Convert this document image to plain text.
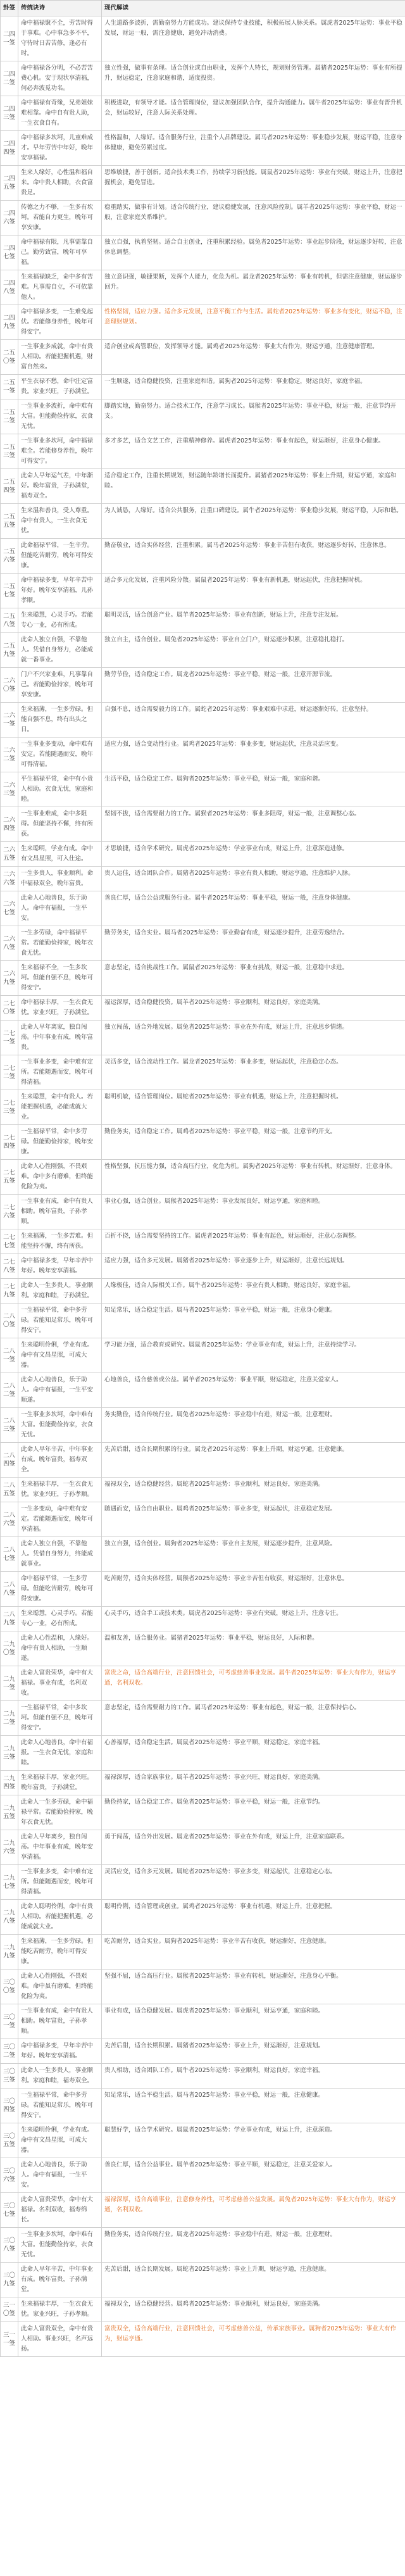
卦签	传统诀诗	现代解读
二四一签	命中福禄聚不全，劳苦时得于事难。心中事急多不平，守待时日苦苦修，逢必有时。	人生道路多波折，需勤奋努力方能成功。建议保持专业技能，积极拓展人脉关系。属虎者2025年运势：事业平稳发展，财运一般，需注意健康，避免冲动消费。
二四二签	命中福禄各分明，不必苦苦费心机。安于现状享清福，何必奔波觅功名。	独立性强，做事有条理。适合创业或自由职业，发挥个人特长，规划财务管理。属猪者2025年运势：事业有所提升，财运稳定，注意家庭和谐，适度投资。
二四三签	命中福禄有奇缘，兄弟姐妹难相靠。命中自有贵人助，一生衣食自有。	积极进取，有领导才能。适合管理岗位，建议加强团队合作，提升沟通能力。属牛者2025年运势：事业有晋升机会，财运较好，注意人际关系处理。
二四四签	命中福禄多坎坷，儿童难成才。早年劳苦中年好，晚年安享福禄。	性格温和，人缘好。适合服务行业，注重个人品牌建设。属马者2025年运势：事业稳步发展，财运平稳，注意身体健康，避免劳累过度。
二四五签	生来人缘好，心性温和福自来。命中贵人相助，衣食富贵足。	思维敏捷，善于创新。适合技术类工作，持续学习新技能。属鼠者2025年运势：事业有突破，财运上升，注意把握机会，避免冒进。
二四六签	传德之力不够，一生多有坎坷。若能自力更生，晚年可享安康。	稳重踏实，做事有计划。适合传统行业，建议稳健发展，注意风险控制。属羊者2025年运势：事业平稳，财运一般，注意家庭关系维护。
二四七签	命中福禄有限，凡事需靠自己。勤劳致富，晚年可享福。	独立自强，执着坚韧。适合自主创业，注重积累经验。属兔者2025年运势：事业起步阶段，财运逐步好转，注意休息调整。
二四八签	生来福禄缺乏，命中多有苦难。凡事需自立，不可依靠他人。	独立意识强，敏捷果断，发挥个人能力，化危为机。属龙者2025年运势：事业有转机，但需注意健康，财运逐步回升。
二四九签	命中福禄多变，一生难免起伏。若能修身养性，晚年可得安宁。	性格坚韧，适应力强。适合多元发展，注意平衡工作与生活。属蛇者2025年运势：事业多有变化，财运不稳，注意理财规划。
二五〇签	一生事业多成就，命中有贵人相助。若能把握机遇，财富自然来。	适合创业或高管职位，发挥领导才能。属鸡者2025年运势：事业大有作为，财运亨通，注意健康管理。
二五一签	平生衣禄不愁，命中注定富贵。家业兴旺，子孙满堂。	一生顺遂，适合稳健投资，注重家庭和谐。属狗者2025年运势：事业稳定，财运良好，家庭幸福。
二五二签	一生事业多波折，命中难有大富。但能勤俭持家，衣食无忧。	脚踏实地，勤奋努力。适合技术工作，注意学习成长。属猴者2025年运势：事业平稳，财运一般，注意节约开支。
二五三签	一生事业多坎坷，命中福禄难全。若能修身养性，晚年可得安宁。	多才多艺，适合文艺工作，注重精神修养。属虎者2025年运势：事业有起色，财运渐好，注意身心健康。
二五四签	此命人早年运气差，中年渐好。晚年富贵，子孙满堂，福寿双全。	适合稳定工作，注重长期规划，财运随年龄增长而提升。属猪者2025年运势：事业上升期，财运亨通，家庭和睦。
二五五签	生来温和善良，受人尊重。命中有贵人，一生衣食无忧。	为人诚恳，人缘好。适合公共服务，注重口碑建设。属牛者2025年运势：事业稳步发展，财运平稳，人际和谐。
二五六签	此命福禄平常，一生辛劳。但能吃苦耐劳，晚年可得安康。	勤奋敬业，适合实体经营，注重积累。属马者2025年运势：事业辛苦但有收获，财运逐步好转，注意休息。
二五七签	命中福禄多变，早年辛苦中年好。晚年安享清福，儿孙孝顺。	适合多元化发展，注重风险分散。属鼠者2025年运势：事业有新机遇，财运起伏，注意把握时机。
二五八签	生来聪慧，心灵手巧。若能专心一业，必有所成。	聪明灵活，适合创意产业。属羊者2025年运势：事业有创新，财运上升，注意专注发展。
二五九签	此命人独立自强，不靠他人。凭借自身努力，必能成就一番事业。	独立自主，适合创业。属兔者2025年运势：事业自立门户，财运逐步积累，注意稳扎稳打。
二六〇签	门户不兴家业难，凡事靠自己。若能勤俭持家，晚年可享安康。	勤劳节俭，适合稳定工作。属龙者2025年运势：事业平稳，财运一般，注意开源节流。
二六一签	生来福薄，一生多劳碌。但能自强不息，终有出头之日。	自强不息，适合需要毅力的工作。属蛇者2025年运势：事业艰难中求进，财运逐渐好转，注意坚持。
二六二签	一生事业多变动，命中难有安定。若能随遇而安，晚年可得清福。	适应力强，适合变动性行业。属鸡者2025年运势：事业多变，财运起伏，注意灵活应变。
二六三签	平生福禄平常，命中有小贵人相助。衣食无忧，家庭和睦。	生活平稳，适合稳定工作。属狗者2025年运势：事业平稳，财运一般，家庭和谐。
二六四签	一生事业难成，命中多阻碍。但能坚持不懈，终有所获。	坚韧不拔，适合需要耐力的工作。属猴者2025年运势：事业多阻碍，财运一般，注意调整心态。
二六五签	生来聪明，学业有成。命中有文昌星照，可入仕途。	才思敏捷，适合学术研究。属虎者2025年运势：学业事业有成，财运上升，注意深造进修。
二六六签	一生多贵人，事业顺利。命中福禄双全，晚年富贵。	贵人运佳，适合团队合作。属猪者2025年运势：事业有贵人相助，财运亨通，注意维护人脉。
二六七签	此命人心地善良，乐于助人。命中有福报，一生平安。	善良仁厚，适合公益或服务行业。属牛者2025年运势：事业平稳，财运一般，注意身体健康。
二六八签	一生多劳碌，命中福禄平常。若能勤俭持家，晚年衣食无忧。	勤劳务实，适合实业。属马者2025年运势：事业勤奋有成，财运逐步提升，注意劳逸结合。
二六九签	生来福禄不全，一生多坎坷。但能自强不息，晚年可得安宁。	意志坚定，适合挑战性工作。属鼠者2025年运势：事业有挑战，财运一般，注意稳中求进。
二七〇签	命中福禄丰厚，一生衣食无忧。家业兴旺，子孙满堂。	福运深厚，适合稳健投资。属羊者2025年运势：事业顺利，财运良好，家庭美满。
二七一签	此命人早年离家，独自闯荡。中年事业有成，晚年富贵。	独立闯荡，适合外地发展。属兔者2025年运势：事业在外有成，财运上升，注意思乡情绪。
二七二签	一生事业多变，命中难有定所。若能随遇而安，晚年可得清福。	灵活多变，适合流动性工作。属龙者2025年运势：事业多变，财运起伏，注意稳定心态。
二七三签	生来聪慧，命中有贵人。若能把握机遇，必能成就大业。	聪明机敏，适合管理岗位。属蛇者2025年运势：事业有机遇，财运上升，注意把握时机。
二七四签	一生福禄平常，命中多劳碌。但能勤俭持家，晚年安康。	勤俭务实，适合稳定工作。属鸡者2025年运势：事业平稳，财运一般，注意节约开支。
二七五签	此命人心性刚强，不畏艰难。命中多有磨难，但终能化险为夷。	性格坚强，抗压能力强，适合高压行业，化危为机。属狗者2025年运势：事业有转机，财运渐好，注意身体。
二七六签	一生事业有成，命中有贵人相助。晚年富贵，子孙孝顺。	事业心强，适合创业。属猴者2025年运势：事业发展良好，财运亨通，家庭和睦。
二七七签	生来福薄，一生多苦难。但能坚持不懈，终有所获。	百折不挠，适合需要坚持的工作。属虎者2025年运势：事业有起色，财运渐好，注意心态调整。
二七八签	命中福禄多变，早年辛苦中年好。晚年安享清福。	适应力强，适合多元发展。属猪者2025年运势：事业逐步上升，财运渐好，注意长远规划。
二七九签	此命人一生多贵人，事业顺利。家庭和睦，子孙满堂。	人缘极佳，适合人际相关工作。属牛者2025年运势：事业有贵人相助，财运良好，家庭幸福。
二八〇签	一生福禄平常，命中多劳碌。若能知足常乐，晚年可得安宁。	知足常乐，适合稳定生活。属马者2025年运势：事业平稳，财运一般，注意身心健康。
二八一签	生来聪明伶俐，学业有成。命中有文昌星照，可成大器。	学习能力强，适合教育或研究。属鼠者2025年运势：学业事业有成，财运上升，注意持续学习。
二八二签	此命人心地善良，乐于助人。命中有福报，一生平安顺遂。	心地善良，适合慈善或公益。属羊者2025年运势：事业平顺，财运稳定，注意关爱家人。
二八三签	一生事业多坎坷，命中难有大富。但能勤俭持家，衣食无忧。	务实勤俭，适合传统行业。属兔者2025年运势：事业稳中有进，财运一般，注意理财。
二八四签	此命人早年辛苦，中年事业有成。晚年富贵，福寿双全。	先苦后甜，适合长期积累的行业。属龙者2025年运势：事业上升期，财运亨通，注意健康。
二八五签	生来福禄丰厚，一生衣食无忧。家业兴旺，子孙孝顺。	福禄双全，适合稳健经营。属蛇者2025年运势：事业顺利，财运良好，家庭美满。
二八六签	一生多变动，命中难有安定。若能随遇而安，晚年可享清福。	随遇而安，适合自由职业。属鸡者2025年运势：事业多变，财运起伏，注意稳定发展。
二八七签	此命人独立自强，不靠他人。凭借自身努力，终能成就事业。	独立自强，适合创业。属狗者2025年运势：事业自主发展，财运逐步提升，注意风险。
二八八签	命中福禄平常，一生多劳碌。但能吃苦耐劳，晚年可得安康。	吃苦耐劳，适合实体经营。属猴者2025年运势：事业辛苦但有收获，财运渐好，注意休息。
二八九签	生来聪慧，心灵手巧。若能专心一业，必有所成。	心灵手巧，适合手工或技术类。属虎者2025年运势：事业有突破，财运上升，注意专注。
二九〇签	此命人心性温和，人缘好。命中有贵人相助，一生顺遂。	温和友善，适合服务业。属猪者2025年运势：事业平稳，财运良好，人际和谐。
二九一签	此命人富贵荣华，命中有大福禄。事业有成，名利双收。	富贵之命，适合高端行业，注意回馈社会，可考虑慈善事业发展。属牛者2025年运势：事业大有作为，财运亨通，名利双收。
二九二签	一生福禄平常，命中多坎坷。但能自强不息，晚年可得安宁。	意志坚定，适合需要耐力的工作。属马者2025年运势：事业有起色，财运一般，注意保持信心。
二九三签	此命人心地善良，命中有福报。一生衣食无忧，家庭和睦。	心善福厚，适合稳定生活。属鼠者2025年运势：事业平顺，财运稳定，家庭幸福。
二九四签	生来福禄丰厚，家业兴旺。晚年富贵，子孙满堂。	福禄深厚，适合家族事业。属羊者2025年运势：事业兴旺，财运良好，家庭美满。
二九五签	此命人一生多劳碌，命中福禄平常。若能勤俭持家，晚年衣食无忧。	勤俭持家，适合稳定工作。属兔者2025年运势：事业平稳，财运一般，注意节约。
二九六签	此命人早年离乡，独自闯荡。中年事业有成，晚年安享清福。	勇于闯荡，适合外出发展。属龙者2025年运势：事业在外有成，财运上升，注意家庭联系。
二九七签	一生事业多变，命中难有定所。但能随遇而安，晚年可得清福。	灵活应变，适合多元发展。属蛇者2025年运势：事业多变，财运起伏，注意稳定心态。
二九八签	此命人聪明伶俐，命中有贵人相助。若能把握机遇，必能成就大业。	聪明伶俐，适合管理或创业。属鸡者2025年运势：事业有机遇，财运上升，注意把握。
二九九签	生来福薄，一生多劳碌。但能吃苦耐劳，晚年可得安康。	吃苦耐劳，适合实业。属狗者2025年运势：事业辛苦有收获，财运渐好，注意健康。
三〇〇签	此命人心性刚强，不畏艰难。命中虽有磨难，但终能化险为夷。	坚强不屈，适合高压行业。属猴者2025年运势：事业有转机，财运渐好，注意身心平衡。
三〇一签	一生事业有成，命中有贵人相助。晚年富贵，子孙孝顺。	事业有成，适合稳健发展。属虎者2025年运势：事业顺利，财运亨通，家庭和睦。
三〇二签	命中福禄多变，早年辛苦中年好。晚年安享清福。	先苦后甜，适合长期积累。属猪者2025年运势：事业上升，财运渐好，注意规划。
三〇三签	此命人一生多贵人，事业顺利。家庭和睦，福寿双全。	贵人相助，适合团队工作。属牛者2025年运势：事业顺利，财运良好，家庭幸福。
三〇四签	一生福禄平常，命中多劳碌。若能知足常乐，晚年可得安宁。	知足常乐，适合平稳生活。属马者2025年运势：事业平稳，财运一般，注意健康。
三〇五签	生来聪明伶俐，学业有成。命中有文昌星照，可成大器。	聪慧好学，适合学术研究。属鼠者2025年运势：学业事业有成，财运上升，注意深造。
三〇六签	此命人心地善良，乐于助人。命中有福报，一生平安。	善良仁厚，适合公益事业。属羊者2025年运势：事业平顺，财运稳定，注意关爱家人。
三〇七签	此命人富贵荣华，命中有大福禄。名利双收，福寿绵长。	福禄深厚，适合高端事业，注意修身养性，可考虑慈善公益发展。属兔者2025年运势：事业大有作为，财运亨通，名利双收。
三〇八签	一生事业多坎坷，命中难有大富。但能勤俭持家，衣食无忧。	勤俭务实，适合传统行业。属龙者2025年运势：事业稳中有进，财运一般，注意理财。
三〇九签	此命人早年辛苦，中年事业有成。晚年富贵，子孙满堂。	先苦后甜，适合长期发展。属蛇者2025年运势：事业上升期，财运亨通，注意健康。
三一〇签	生来福禄丰厚，一生衣食无忧。家业兴旺，子孙孝顺。	福禄双全，适合稳健经营。属鸡者2025年运势：事业顺利，财运良好，家庭美满。
三一一签	此命人富贵双全，命中有贵人相助。事业兴旺，名声远扬。	富贵双全，适合高端行业，注意回馈社会，可考虑慈善公益，传承家族事业。属狗者2025年运势：事业大有作为，财运亨通。
